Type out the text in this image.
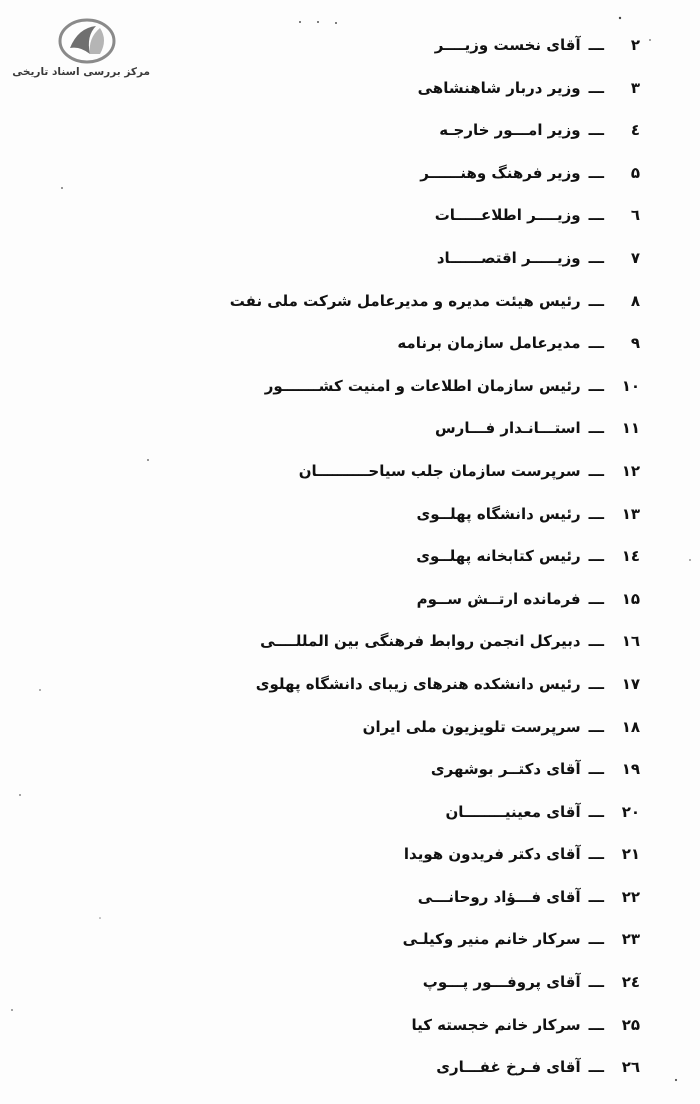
مرکز بررسی اسناد تاریخی
۲ـــآقای نخست وزیــــر
۳ـــوزیر دربار شاهنشاهی
٤ـــوزیر امـــور خارجـه
۵ـــوزیر فرهنگ وهنــــــر
٦ـــوزیــــر اطلاعـــــات
۷ـــوزیـــــر اقتصــــــاد
۸ـــرئیس هیئت مدیره و مدیرعامل شرکت ملی نفت
۹ـــمدیرعامل سازمان برنامه
۱۰ـــرئیس سازمان اطلاعات و امنیت کشـــــــور
۱۱ـــاستـــانـدار فـــارس
۱۲ـــسرپرست سازمان جلب سیاحــــــــــان
۱۳ـــرئیس دانشگاه پهلــوی
۱٤ـــرئیس کتابخانه پهلــوی
۱۵ـــفرمانده ارتــش ســوم
۱٦ـــدبیرکل انجمن روابط فرهنگی بین المللــــی
۱۷ـــرئیس دانشکده هنرهای زیبای دانشگاه پهلوی
۱۸ـــسرپرست تلویزیون ملی ایران
۱۹ـــآقای دکتــر بوشهری
۲۰ـــآقای معینیــــــــان
۲۱ـــآقای دکتر فریدون هویدا
۲۲ـــآقای فـــؤاد روحانـــی
۲۳ـــسرکار خانم منیر وکیلـی
۲٤ـــآقای پروفـــور پـــوپ
۲۵ـــسرکار خانم خجسته کیا
۲٦ـــآقای فـرخ غفـــاری
